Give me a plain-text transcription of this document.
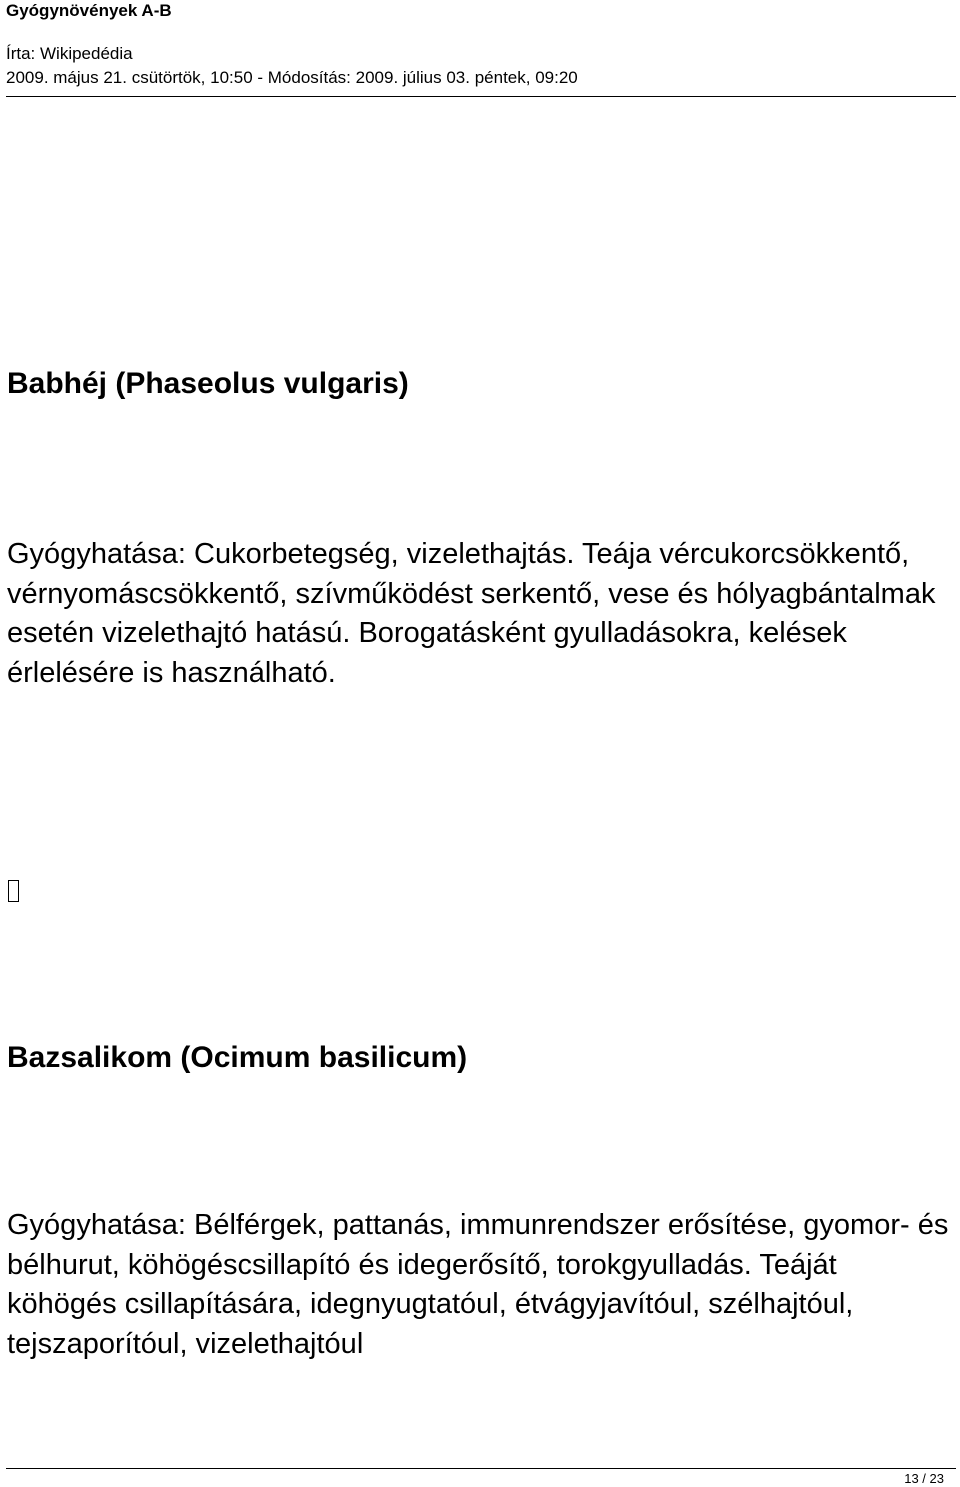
Gyógynövények A-B
Írta: Wikipedédia
2009. május 21. csütörtök, 10:50 - Módosítás: 2009. július 03. péntek, 09:20
Babhéj (Phaseolus vulgaris)
Gyógyhatása: Cukorbetegség, vizelethajtás. Teája vércukorcsökkentő, vérnyomáscsökkentő, szívműködést serkentő, vese és hólyagbántalmak esetén vizelethajtó hatású. Borogatásként gyulladásokra, kelések érlelésére is használható.
Bazsalikom (Ocimum basilicum)
Gyógyhatása: Bélférgek, pattanás, immunrendszer erősítése, gyomor- és bélhurut, köhögéscsillapító és idegerősítő, torokgyulladás. Teáját köhögés csillapítására, idegnyugtatóul, étvágyjavítóul, szélhajtóul, tejszaporítóul, vizelethajtóul
13 / 23
